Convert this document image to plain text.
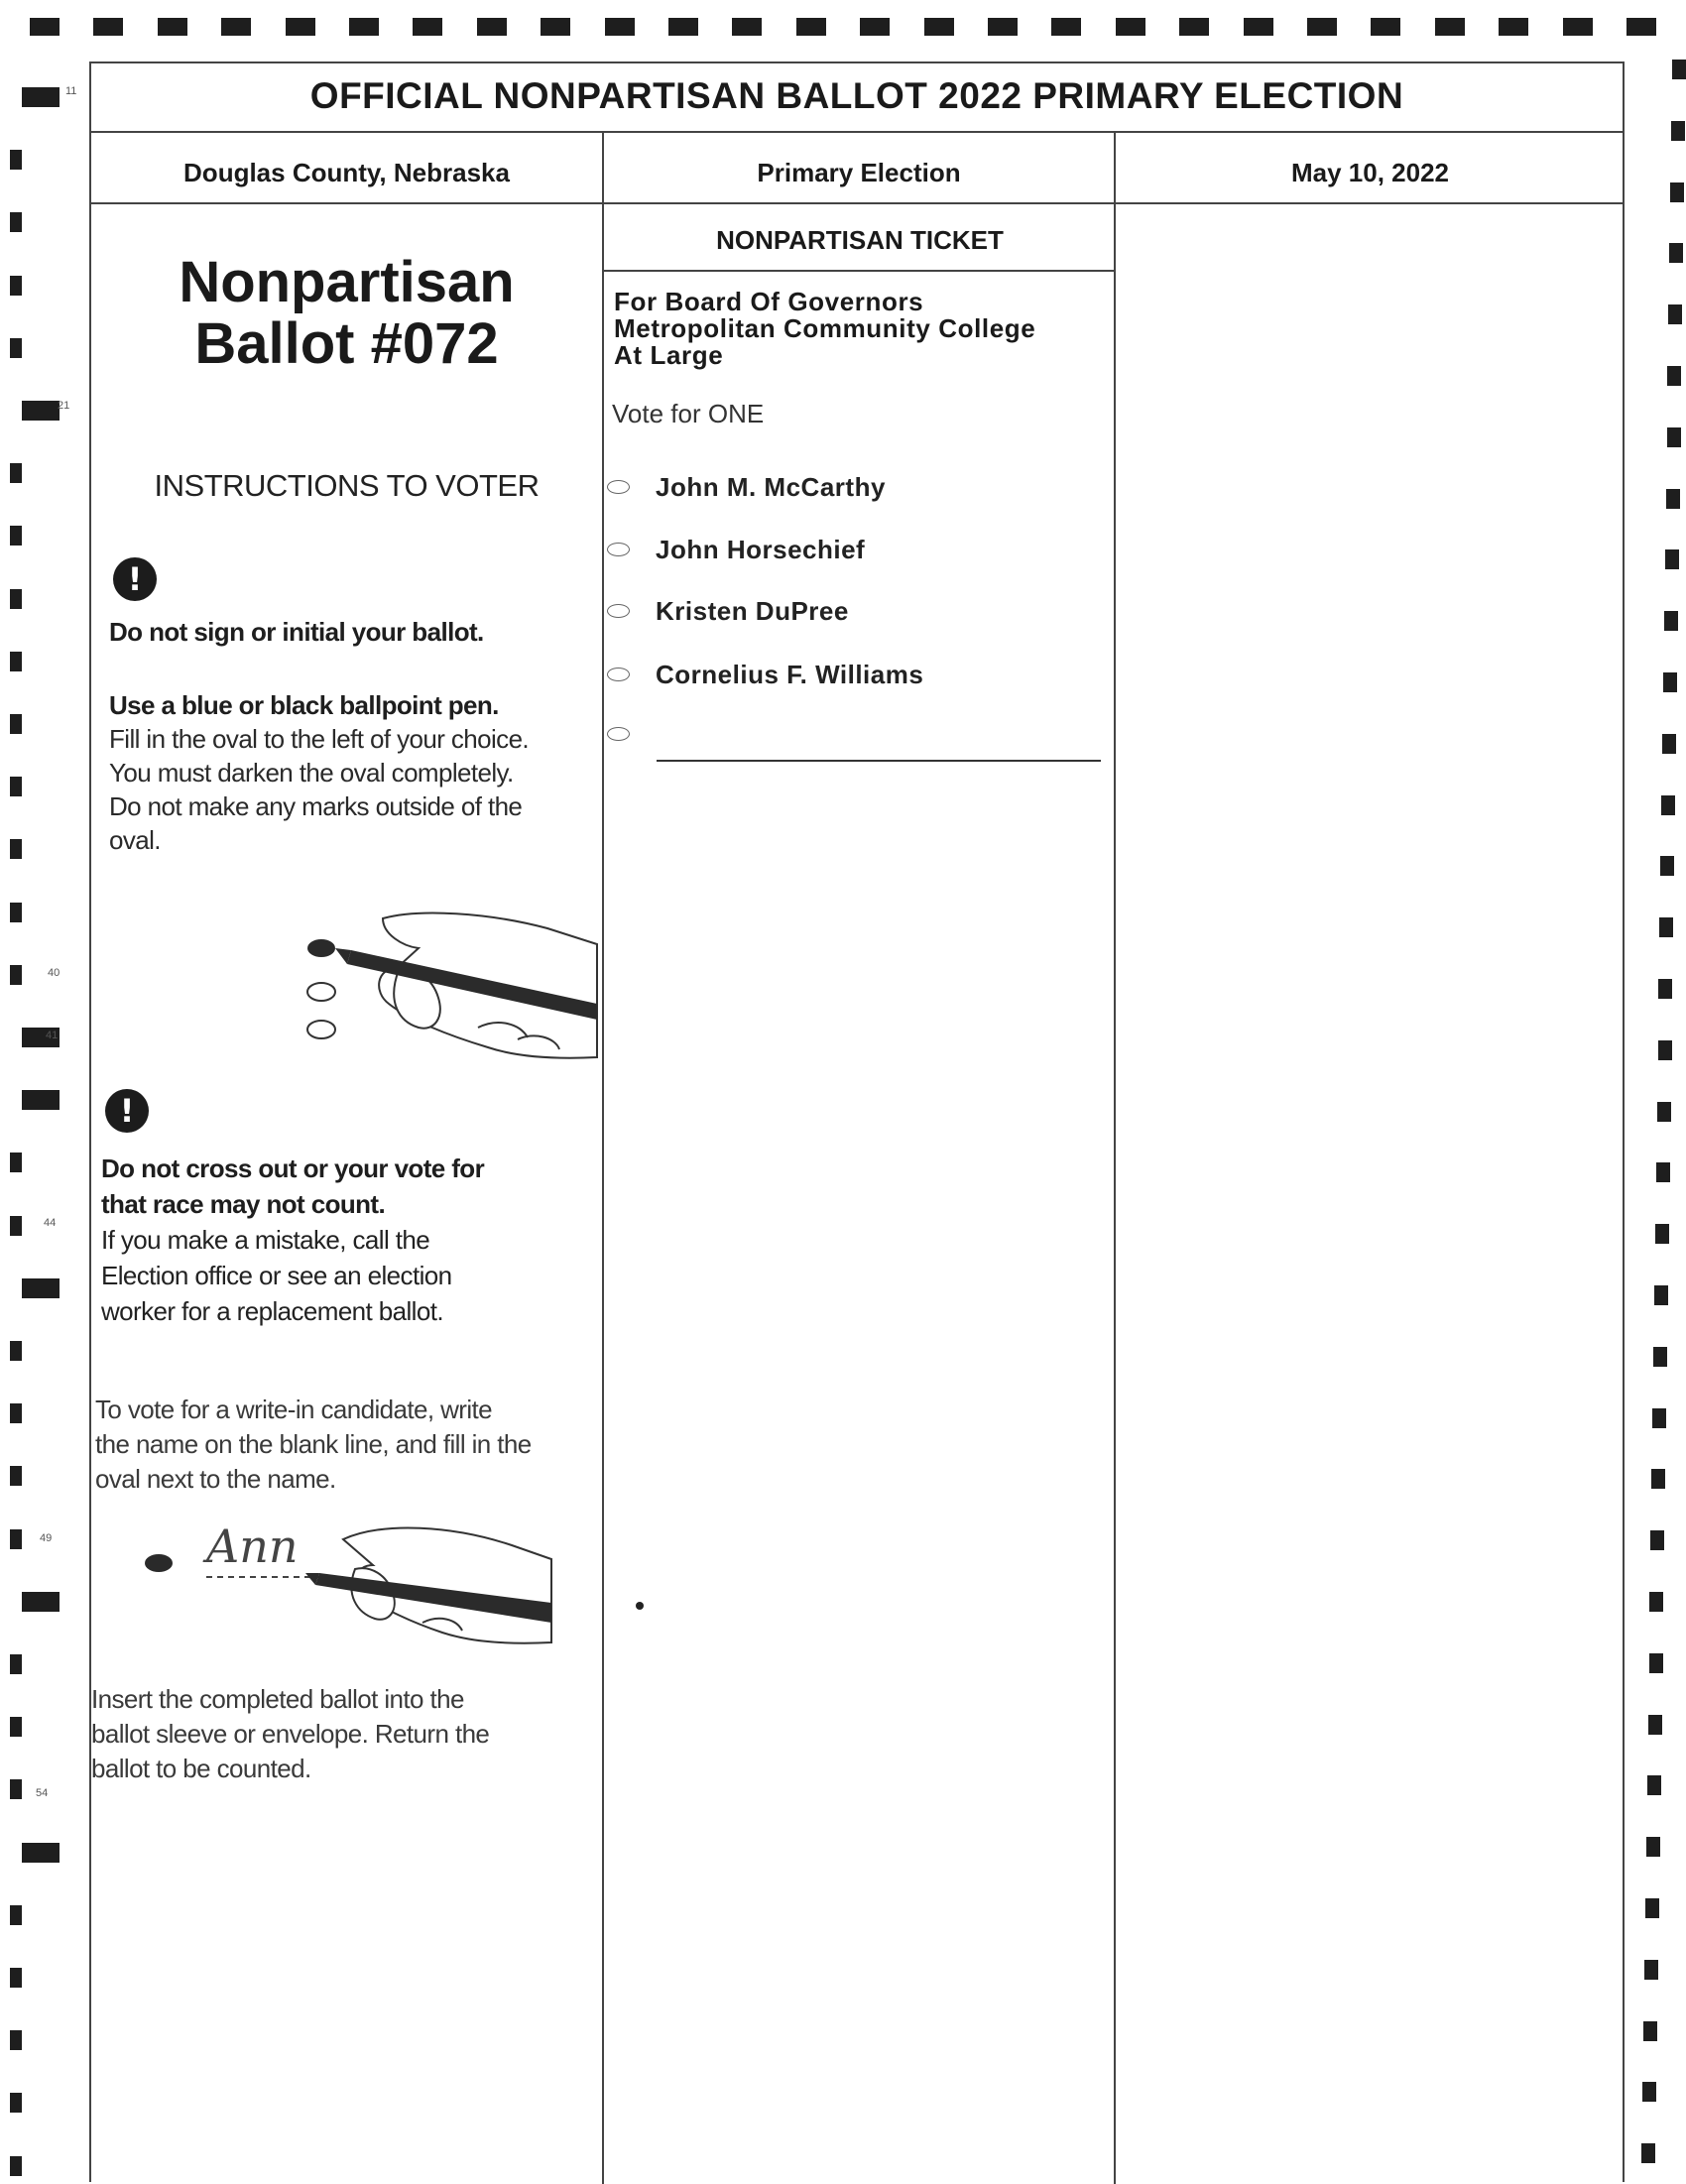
11
21
40
41
44
49
54
OFFICIAL NONPARTISAN BALLOT 2022 PRIMARY ELECTION
Douglas County, Nebraska	Primary Election	May 10, 2022
Nonpartisan
Ballot #072
INSTRUCTIONS TO VOTER
!
Do not sign or initial your ballot.
Use a blue or black ballpoint pen.
Fill in the oval to the left of your choice.
You must darken the oval completely.
Do not make any marks outside of the
oval.
!
Do not cross out or your vote for
that race may not count.
If you make a mistake, call the
Election office or see an election
worker for a replacement ballot.
To vote for a write-in candidate, write
the name on the blank line, and fill in the
oval next to the name.
Ann
Insert the completed ballot into the
ballot sleeve or envelope. Return the
ballot to be counted.
NONPARTISAN TICKET
For Board Of Governors
Metropolitan Community College
At Large
Vote for ONE
John M. McCarthy
John Horsechief
Kristen DuPree
Cornelius F. Williams
